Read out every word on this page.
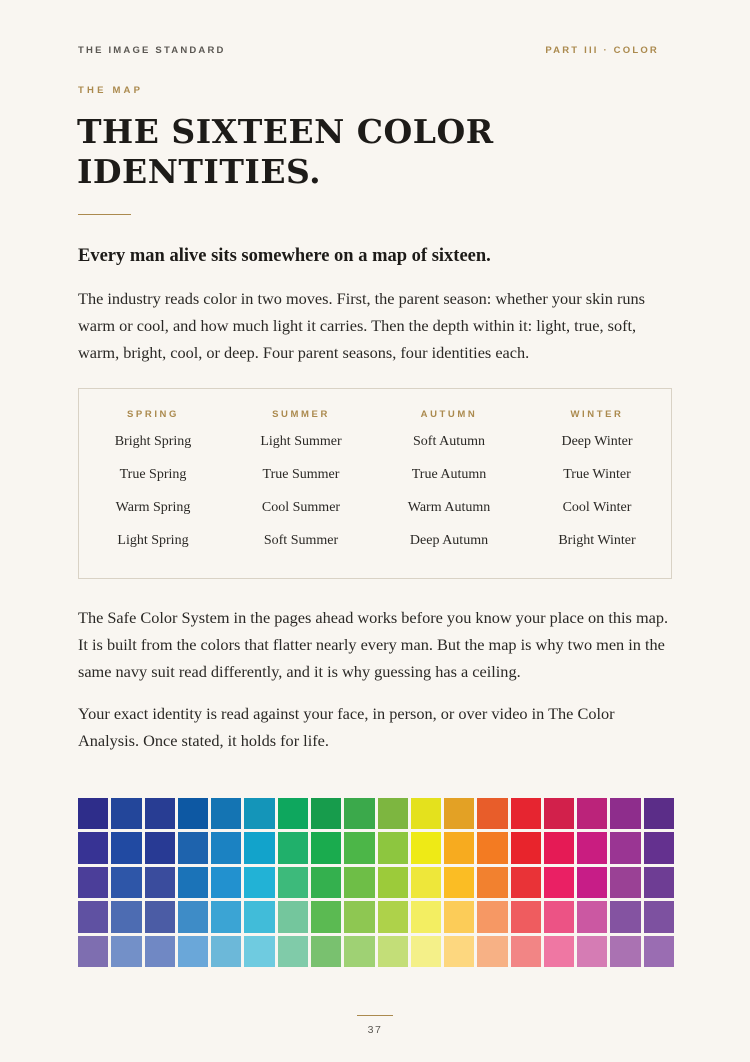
THE IMAGE STANDARD	PART III · COLOR
THE MAP
THE SIXTEEN COLOR IDENTITIES.

Every man alive sits somewhere on a map of sixteen.

The industry reads color in two moves. First, the parent season: whether your skin runs warm or cool, and how much light it carries. Then the depth within it: light, true, soft, warm, bright, cool, or deep. Four parent seasons, four identities each.

SPRING
Bright Spring
True Spring
Warm Spring
Light Spring
SUMMER
Light Summer
True Summer
Cool Summer
Soft Summer
AUTUMN
Soft Autumn
True Autumn
Warm Autumn
Deep Autumn
WINTER
Deep Winter
True Winter
Cool Winter
Bright Winter

The Safe Color System in the pages ahead works before you know your place on this map. It is built from the colors that flatter nearly every man. But the map is why two men in the same navy suit read differently, and it is why guessing has a ceiling.

Your exact identity is read against your face, in person, or over video in The Color Analysis. Once stated, it holds for life.

37
